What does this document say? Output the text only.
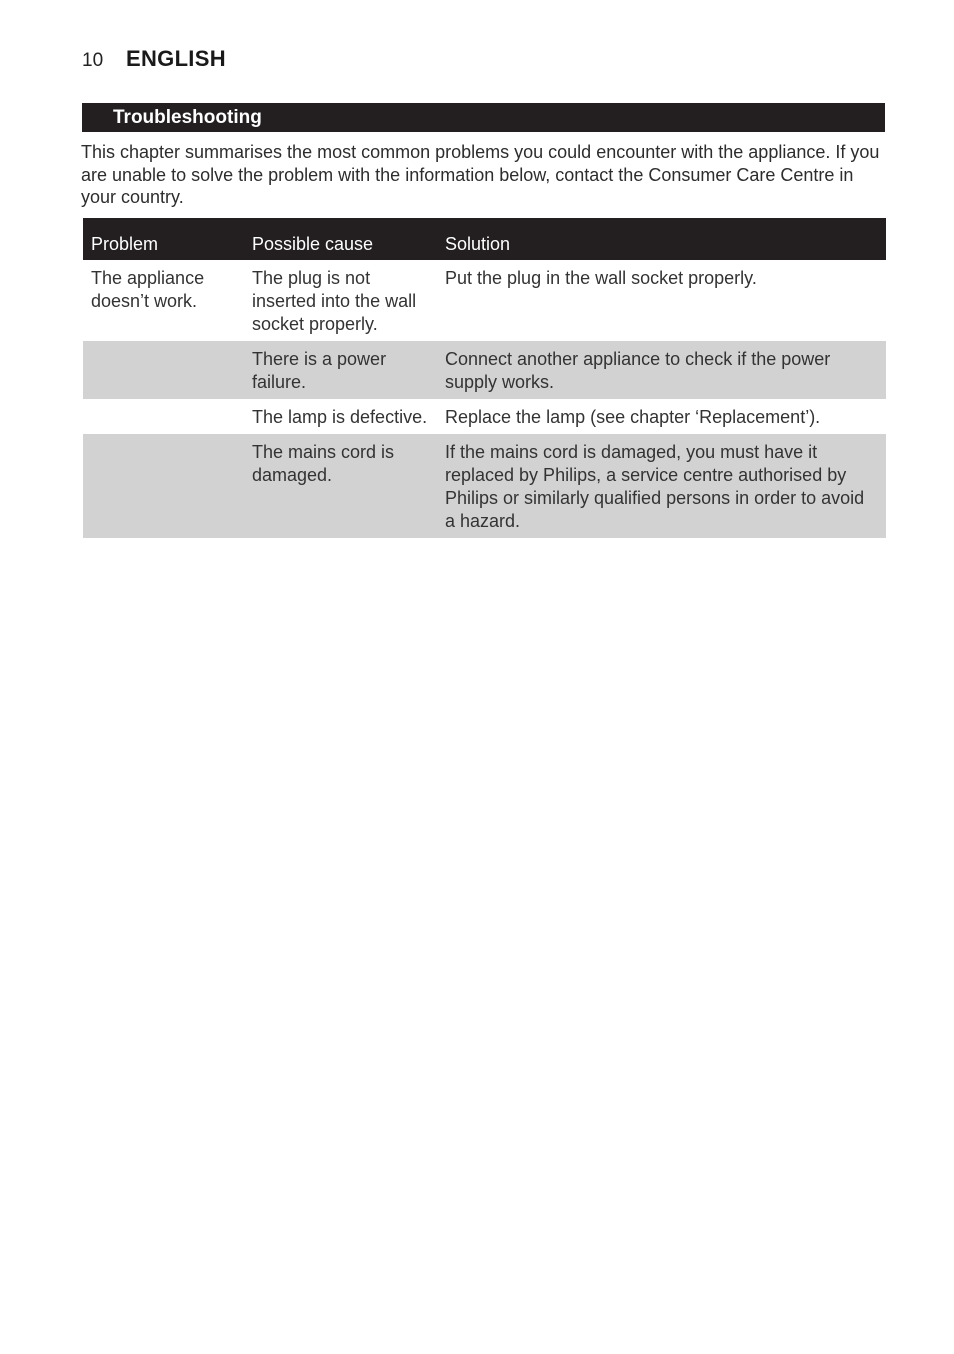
10	ENGLISH
Troubleshooting

This chapter summarises the most common problems you could encounter with the appliance. If you are unable to solve the problem with the information below, contact the Consumer Care Centre in your country.

Problem	Possible cause	Solution
The appliance doesn’t work.	The plug is not inserted into the wall socket properly.	Put the plug in the wall socket properly.
	There is a power failure.	Connect another appliance to check if the power supply works.
	The lamp is defective.	Replace the lamp (see chapter ‘Replacement’).
	The mains cord is damaged.	If the mains cord is damaged, you must have it replaced by Philips, a service centre authorised by Philips or similarly qualified persons in order to avoid a hazard.
